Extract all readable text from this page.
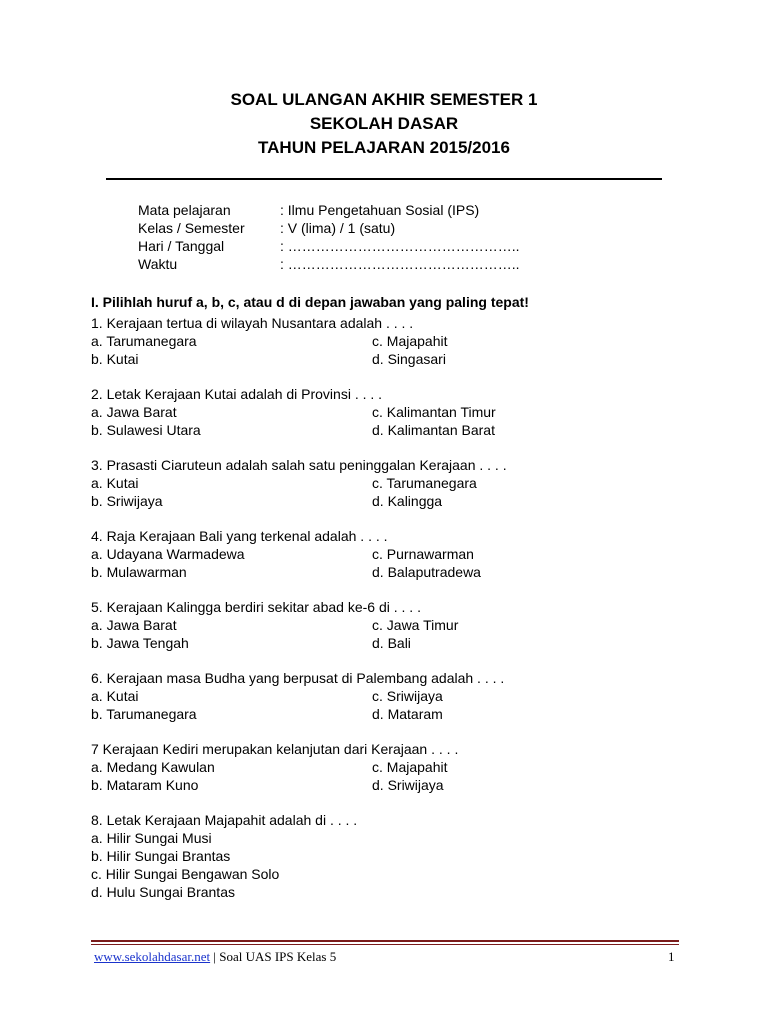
SOAL ULANGAN AKHIR SEMESTER 1
SEKOLAH DASAR
TAHUN PELAJARAN 2015/2016
Mata pelajaran	: Ilmu Pengetahuan Sosial (IPS)
Kelas / Semester	: V (lima) / 1 (satu)
Hari / Tanggal	: …………………………………………..
Waktu	: …………………………………………..
I. Pilihlah huruf a, b, c, atau d di depan jawaban yang paling tepat!
1. Kerajaan tertua di wilayah Nusantara adalah . . . .
a. Tarumanegara	c. Majapahit
b. Kutai	d. Singasari
2. Letak Kerajaan Kutai adalah di Provinsi . . . .
a. Jawa Barat	c. Kalimantan Timur
b. Sulawesi Utara	d. Kalimantan Barat
3. Prasasti Ciaruteun adalah salah satu peninggalan Kerajaan . . . .
a. Kutai	c. Tarumanegara
b. Sriwijaya	d. Kalingga
4. Raja Kerajaan Bali yang terkenal adalah . . . .
a. Udayana Warmadewa	c. Purnawarman
b. Mulawarman	d. Balaputradewa
5. Kerajaan Kalingga berdiri sekitar abad ke-6 di . . . .
a. Jawa Barat	c. Jawa Timur
b. Jawa Tengah	d. Bali
6. Kerajaan masa Budha yang berpusat di Palembang adalah . . . .
a. Kutai	c. Sriwijaya
b. Tarumanegara	d. Mataram
7 Kerajaan Kediri merupakan kelanjutan dari Kerajaan . . . .
a. Medang Kawulan	c. Majapahit
b. Mataram Kuno	d. Sriwijaya
8. Letak Kerajaan Majapahit adalah di . . . .
a. Hilir Sungai Musi
b. Hilir Sungai Brantas
c. Hilir Sungai Bengawan Solo
d. Hulu Sungai Brantas
www.sekolahdasar.net | Soal UAS IPS Kelas 5	1
